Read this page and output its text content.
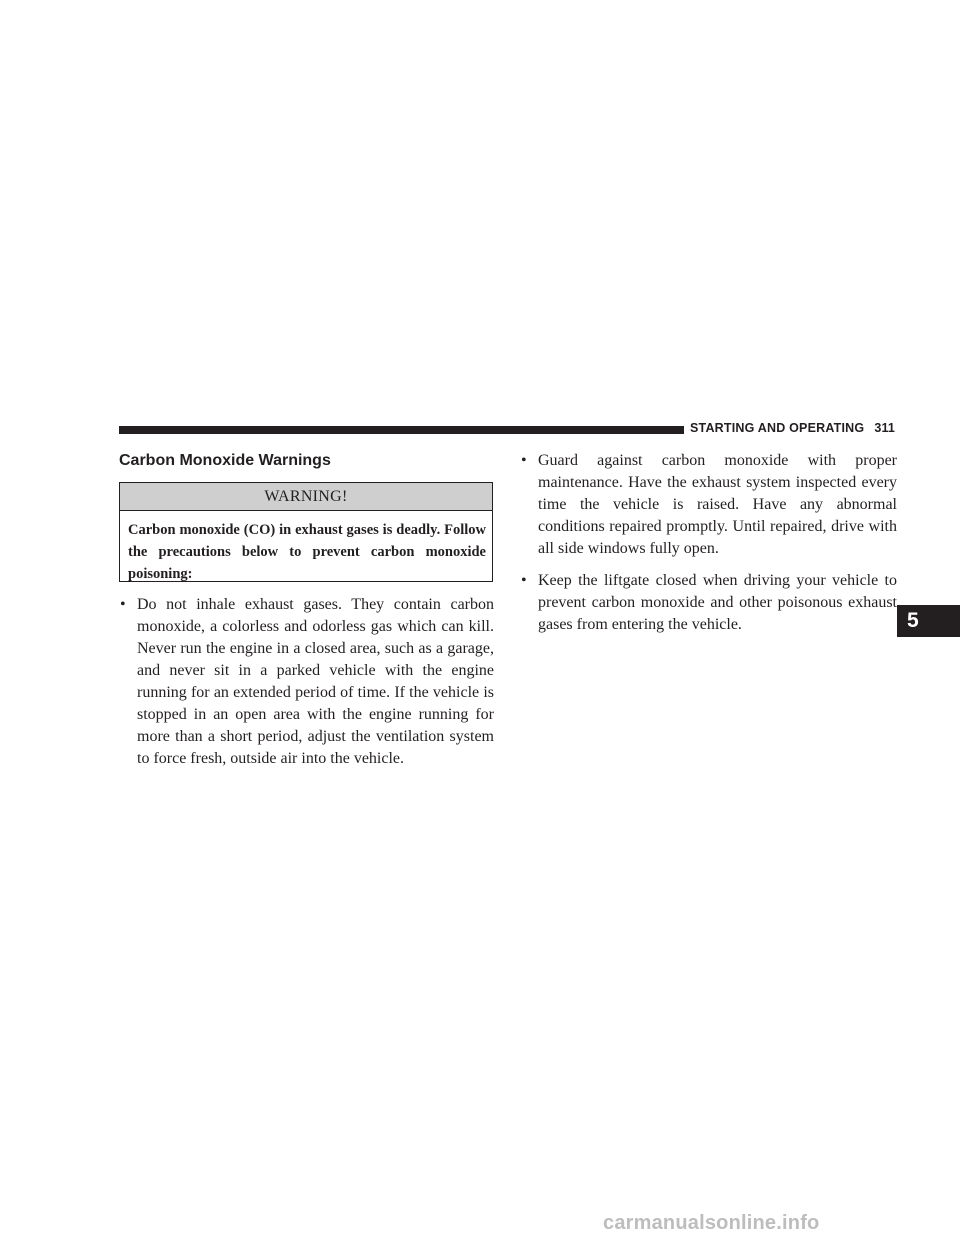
STARTING AND OPERATING 311
Carbon Monoxide Warnings
WARNING!
Carbon monoxide (CO) in exhaust gases is deadly. Follow the precautions below to prevent carbon monoxide poisoning:
• Do not inhale exhaust gases. They contain carbon monoxide, a colorless and odorless gas which can kill. Never run the engine in a closed area, such as a garage, and never sit in a parked vehicle with the engine running for an extended period of time. If the vehicle is stopped in an open area with the engine running for more than a short period, adjust the ventilation system to force fresh, outside air into the vehicle.
• Guard against carbon monoxide with proper maintenance. Have the exhaust system inspected every time the vehicle is raised. Have any abnormal conditions repaired promptly. Until repaired, drive with all side windows fully open.
• Keep the liftgate closed when driving your vehicle to prevent carbon monoxide and other poisonous exhaust gases from entering the vehicle.	5
carmanualsonline.info
